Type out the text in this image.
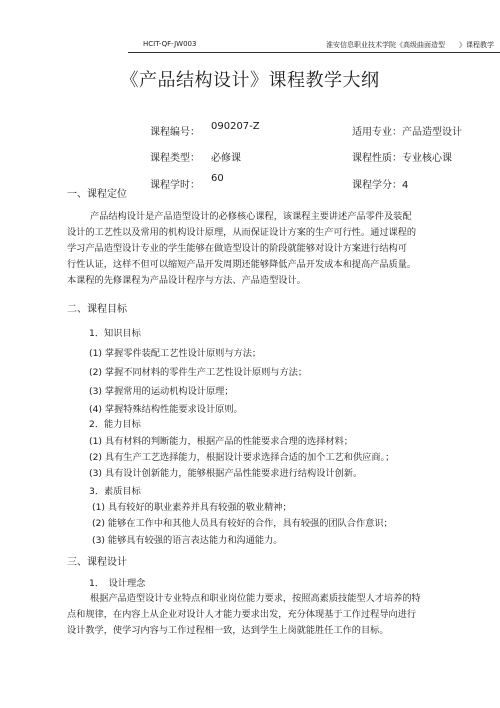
HCIT-QF-JW003	淮安信息职业技术学院《高级曲面造型　　》课程教学
《产品结构设计》课程教学大纲
课程编号：
090207-Z
适用专业：产品造型设计
课程类型： 必修课	课程性质：专业核心课
课程学时：
60
课程学分：4
一、课程定位
产品结构设计是产品造型设计的必修核心课程，该课程主要讲述产品零件及装配
设计的工艺性以及常用的机构设计原理，从而保证设计方案的生产可行性。通过课程的
学习产品造型设计专业的学生能够在做造型设计的阶段就能够对设计方案进行结构可
行性认证，这样不但可以缩短产品开发周期还能够降低产品开发成本和提高产品质量。
本课程的先修课程为产品设计程序与方法、产品造型设计。
二、课程目标
1．知识目标
(1) 掌握零件装配工艺性设计原则与方法；
(2) 掌握不同材料的零件生产工艺性设计原则与方法；
(3) 掌握常用的运动机构设计原理；
(4) 掌握特殊结构性能要求设计原则。
2．能力目标
(1) 具有材料的判断能力，根据产品的性能要求合理的选择材料；
(2) 具有生产工艺选择能力，根据设计要求选择合适的加个工艺和供应商。；
(3) 具有设计创新能力，能够根据产品性能要求进行结构设计创新。
3．素质目标
(1) 具有较好的职业素养并具有较强的敬业精神；
(2) 能够在工作中和其他人员具有较好的合作，具有较强的团队合作意识；
(3) 能够具有较强的语言表达能力和沟通能力。
三、课程设计
1．　设计理念
根据产品造型设计专业特点和职业岗位能力要求，按照高素质技能型人才培养的特
点和规律，在内容上从企业对设计人才能力要求出发，充分体现基于工作过程导向进行
设计教学，使学习内容与工作过程相一致，达到学生上岗就能胜任工作的目标。
